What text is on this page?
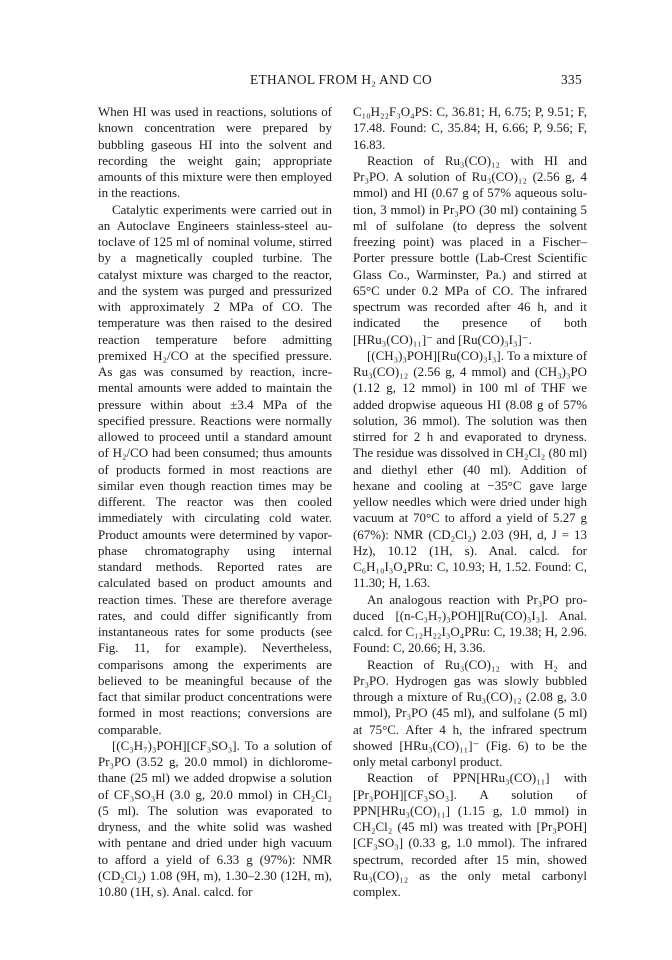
ETHANOL FROM H₂ AND CO	335

When HI was used in reactions, solutions of known concentration were prepared by bubbling gaseous HI into the solvent and recording the weight gain; appropriate amounts of this mixture were then employed in the reactions.

Catalytic experiments were carried out in an Autoclave Engineers stainless-steel autoclave of 125 ml of nominal volume, stirred by a magnetically coupled turbine. The catalyst mixture was charged to the reactor, and the system was purged and pressurized with approximately 2 MPa of CO. The temperature was then raised to the desired reaction temperature before admitting premixed H₂/CO at the specified pressure. As gas was consumed by reaction, incremental amounts were added to maintain the pressure within about ±3.4 MPa of the specified pressure. Reactions were normally allowed to proceed until a standard amount of H₂/CO had been consumed; thus amounts of products formed in most reactions are similar even though reaction times may be different. The reactor was then cooled immediately with circulating cold water. Product amounts were determined by vapor-phase chromatography using internal standard methods. Reported rates are calculated based on product amounts and reaction times. These are therefore average rates, and could differ significantly from instantaneous rates for some products (see Fig. 11, for example). Nevertheless, comparisons among the experiments are believed to be meaningful because of the fact that similar product concentrations were formed in most reactions; conversions are comparable.

[(C₃H₇)₃POH][CF₃SO₃]. To a solution of Pr₃PO (3.52 g, 20.0 mmol) in dichloromethane (25 ml) we added dropwise a solution of CF₃SO₃H (3.0 g, 20.0 mmol) in CH₂Cl₂ (5 ml). The solution was evaporated to dryness, and the white solid was washed with pentane and dried under high vacuum to afford a yield of 6.33 g (97%): NMR (CD₂Cl₂) 1.08 (9H, m), 1.30–2.30 (12H, m), 10.80 (1H, s). Anal. calcd. for

C₁₀H₂₂F₃O₄PS: C, 36.81; H, 6.75; P, 9.51; F, 17.48. Found: C, 35.84; H, 6.66; P, 9.56; F, 16.83.

Reaction of Ru₃(CO)₁₂ with HI and Pr₃PO. A solution of Ru₃(CO)₁₂ (2.56 g, 4 mmol) and HI (0.67 g of 57% aqueous solution, 3 mmol) in Pr₃PO (30 ml) containing 5 ml of sulfolane (to depress the solvent freezing point) was placed in a Fischer–Porter pressure bottle (Lab-Crest Scientific Glass Co., Warminster, Pa.) and stirred at 65°C under 0.2 MPa of CO. The infrared spectrum was recorded after 46 h, and it indicated the presence of both [HRu₃(CO)₁₁]⁻ and [Ru(CO)₃I₃]⁻.

[(CH₃)₃POH][Ru(CO)₃I₃]. To a mixture of Ru₃(CO)₁₂ (2.56 g, 4 mmol) and (CH₃)₃PO (1.12 g, 12 mmol) in 100 ml of THF we added dropwise aqueous HI (8.08 g of 57% solution, 36 mmol). The solution was then stirred for 2 h and evaporated to dryness. The residue was dissolved in CH₂Cl₂ (80 ml) and diethyl ether (40 ml). Addition of hexane and cooling at −35°C gave large yellow needles which were dried under high vacuum at 70°C to afford a yield of 5.27 g (67%): NMR (CD₂Cl₂) 2.03 (9H, d, J = 13 Hz), 10.12 (1H, s). Anal. calcd. for C₆H₁₀I₃O₄PRu: C, 10.93; H, 1.52. Found: C, 11.30; H, 1.63.

An analogous reaction with Pr₃PO produced [(n-C₃H₇)₃POH][Ru(CO)₃I₃]. Anal. calcd. for C₁₂H₂₂I₃O₄PRu: C, 19.38; H, 2.96. Found: C, 20.66; H, 3.36.

Reaction of Ru₃(CO)₁₂ with H₂ and Pr₃PO. Hydrogen gas was slowly bubbled through a mixture of Ru₃(CO)₁₂ (2.08 g, 3.0 mmol), Pr₃PO (45 ml), and sulfolane (5 ml) at 75°C. After 4 h, the infrared spectrum showed [HRu₃(CO)₁₁]⁻ (Fig. 6) to be the only metal carbonyl product.

Reaction of PPN[HRu₃(CO)₁₁] with [Pr₃POH][CF₃SO₃]. A solution of PPN[HRu₃(CO)₁₁] (1.15 g, 1.0 mmol) in CH₂Cl₂ (45 ml) was treated with [Pr₃POH][CF₃SO₃] (0.33 g, 1.0 mmol). The infrared spectrum, recorded after 15 min, showed Ru₃(CO)₁₂ as the only metal carbonyl complex.
